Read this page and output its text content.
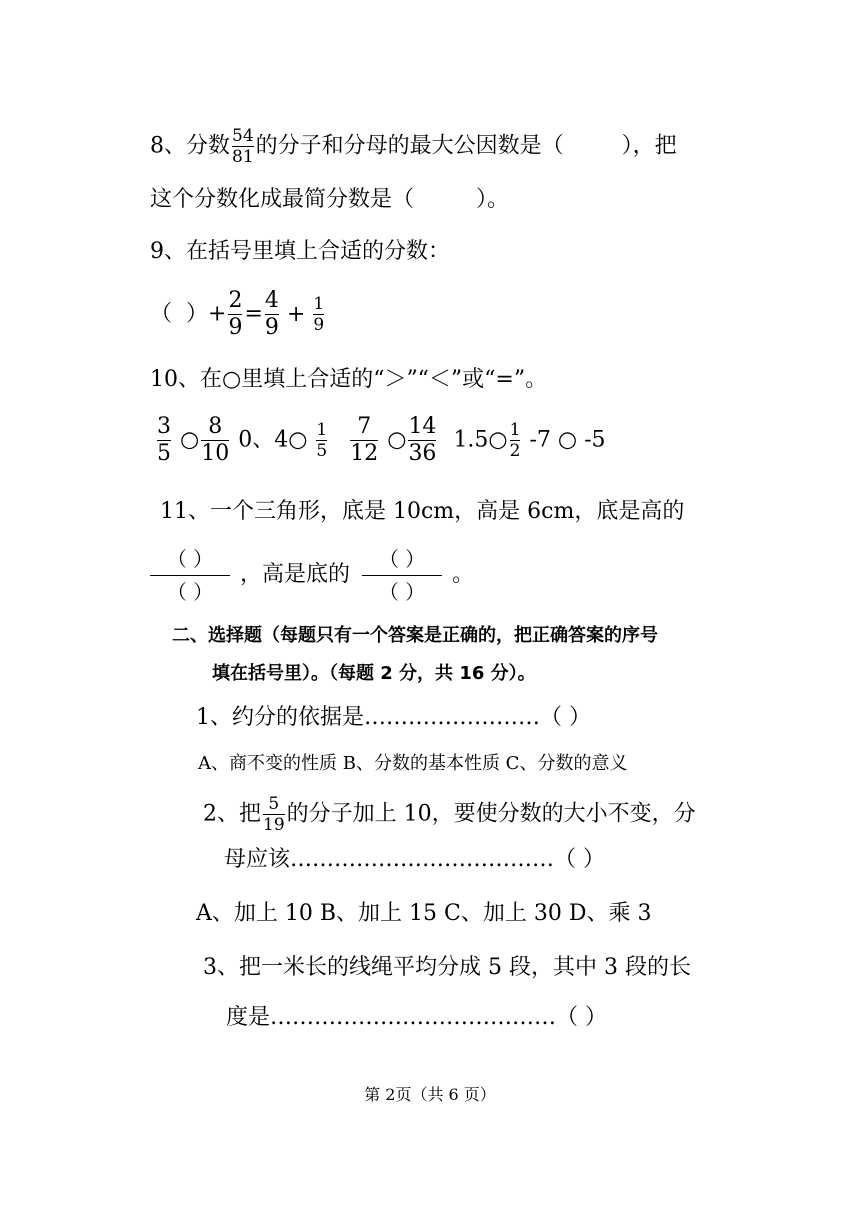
8、分数 $\frac{54}{81}$ 的分子和分母的最大公因数是（	），把
这个分数化成最简分数是（	）。
9、在括号里填上合适的分数：
（ ）+ $\frac{2}{9} = \frac{4}{9} + \frac{1}{9}$
10、在○里填上合适的“＞”“＜”或“=”。
$\frac{3}{5}$ ○ $\frac{8}{10} 0$、4○ $\frac{1}{5}$
$\frac{7}{12}$ ○ $\frac{14}{36}$ 1.5○ $\frac{1}{2} -7$ ○ -5
11、一个三角形，底是 10cm，高是 6cm，底是高的
（ ）
（ ）
，高是底的
（ ）
（ ）
。
二、选择题（每题只有一个答案是正确的，把正确答案的序号
填在括号里）。（每题 2 分，共 16 分）。
1、约分的依据是……………………（ ）
A、商不变的性质 B、分数的基本性质 C、分数的意义
2、把 $\frac{5}{19}$ 的分子加上 10，要使分数的大小不变，分
母应该………………………………（ ）
A、加上 10 B、加上 15 C、加上 30 D、乘 3
3、把一米长的线绳平均分成 5 段，其中 3 段的长
度是…………………………………（ ）
第 2页（共 6 页）
